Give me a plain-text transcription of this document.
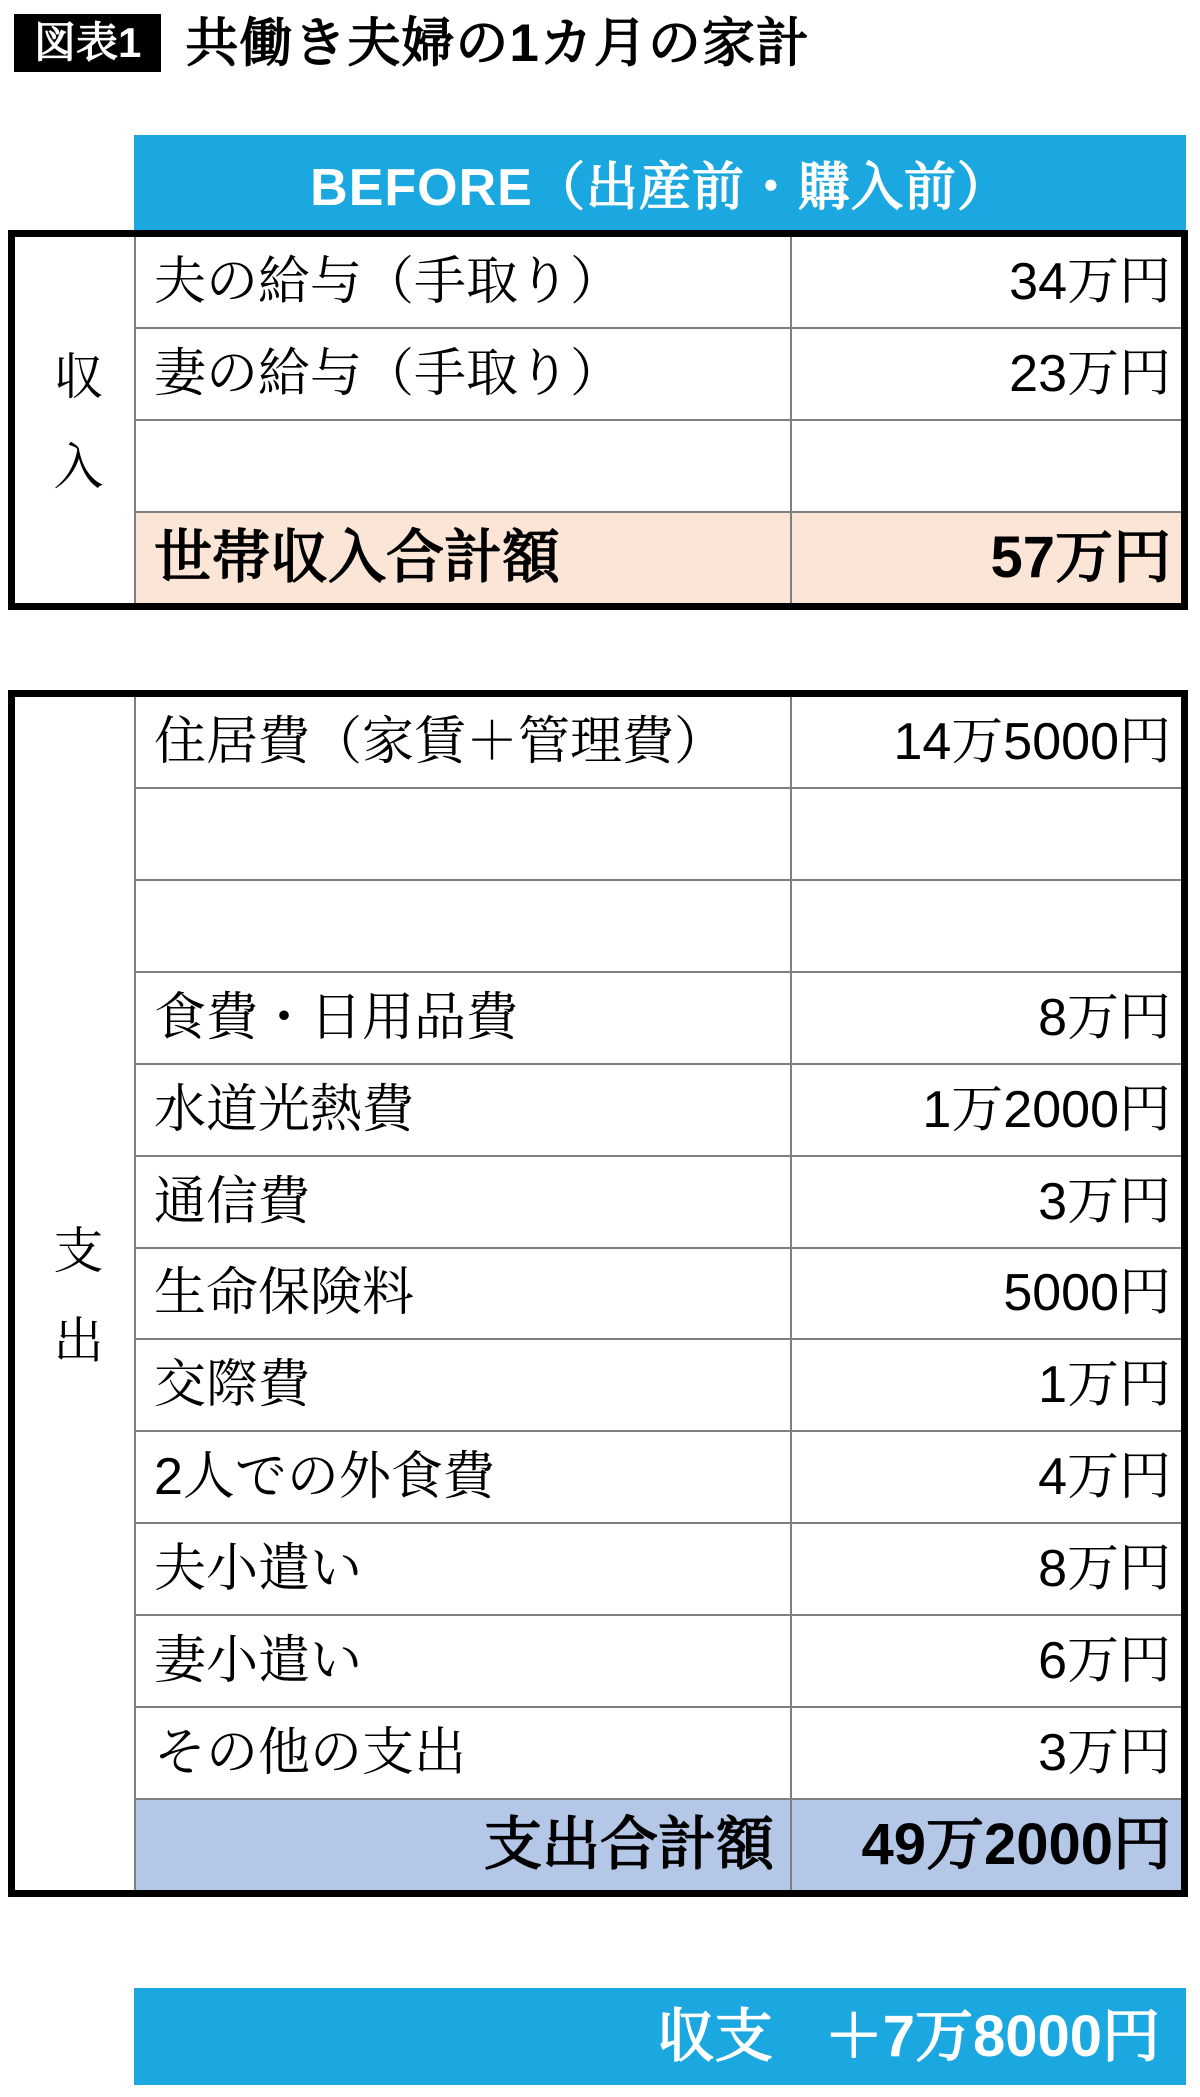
図表1 共働き夫婦の1カ月の家計
BEFORE（出産前・購入前）
収入
夫の給与（手取り）	34万円
妻の給与（手取り）	23万円
世帯収入合計額	57万円
支出
住居費（家賃＋管理費）	14万5000円
食費・日用品費	8万円
水道光熱費	1万2000円
通信費	3万円
生命保険料	5000円
交際費	1万円
2人での外食費	4万円
夫小遣い	8万円
妻小遣い	6万円
その他の支出	3万円
支出合計額	49万2000円
収支 ＋7万8000円
